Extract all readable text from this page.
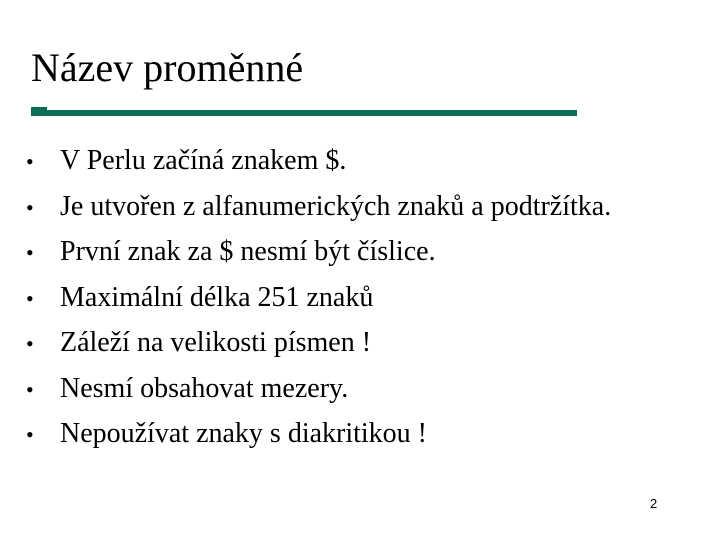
Název proměnné
• V Perlu začíná znakem $.
• Je utvořen z alfanumerických znaků a podtržítka.
• První znak za $ nesmí být číslice.
• Maximální délka 251 znaků
• Záleží na velikosti písmen !
• Nesmí obsahovat mezery.
• Nepoužívat znaky s diakritikou !
2
